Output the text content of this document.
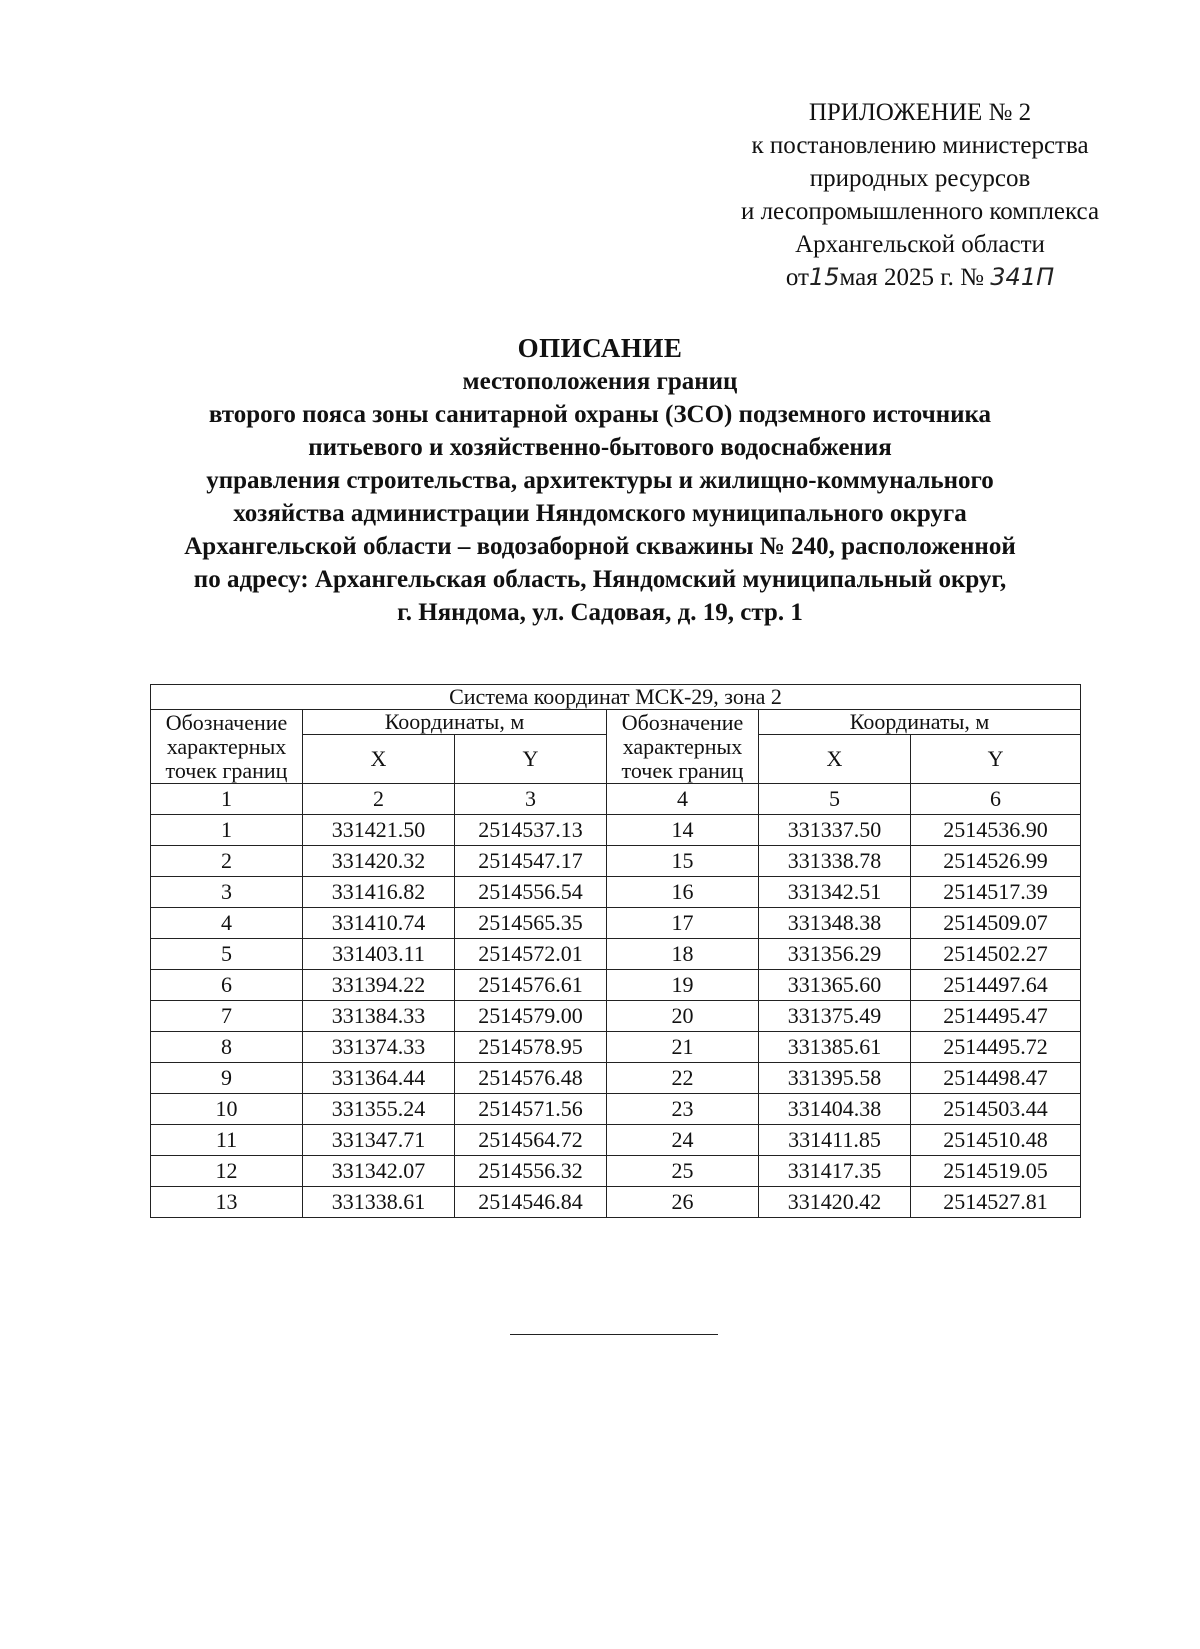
ПРИЛОЖЕНИЕ № 2
к постановлению министерства
природных ресурсов
и лесопромышленного комплекса
Архангельской области
от15мая 2025 г. № 341П
ОПИСАНИЕ
местоположения границ
второго пояса зоны санитарной охраны (ЗСО) подземного источника
питьевого и хозяйственно-бытового водоснабжения
управления строительства, архитектуры и жилищно-коммунального
хозяйства администрации Няндомского муниципального округа
Архангельской области – водозаборной скважины № 240, расположенной
по адресу: Архангельская область, Няндомский муниципальный округ,
г. Няндома, ул. Садовая, д. 19, стр. 1
Система координат МСК-29, зона 2					
Обозначение характерных точек границ	Координаты, м		Обозначение характерных точек границ	Координаты, м	
	X	Y		X	Y
1	2	3	4	5	6
1	331421.50	2514537.13	14	331337.50	2514536.90
2	331420.32	2514547.17	15	331338.78	2514526.99
3	331416.82	2514556.54	16	331342.51	2514517.39
4	331410.74	2514565.35	17	331348.38	2514509.07
5	331403.11	2514572.01	18	331356.29	2514502.27
6	331394.22	2514576.61	19	331365.60	2514497.64
7	331384.33	2514579.00	20	331375.49	2514495.47
8	331374.33	2514578.95	21	331385.61	2514495.72
9	331364.44	2514576.48	22	331395.58	2514498.47
10	331355.24	2514571.56	23	331404.38	2514503.44
11	331347.71	2514564.72	24	331411.85	2514510.48
12	331342.07	2514556.32	25	331417.35	2514519.05
13	331338.61	2514546.84	26	331420.42	2514527.81
